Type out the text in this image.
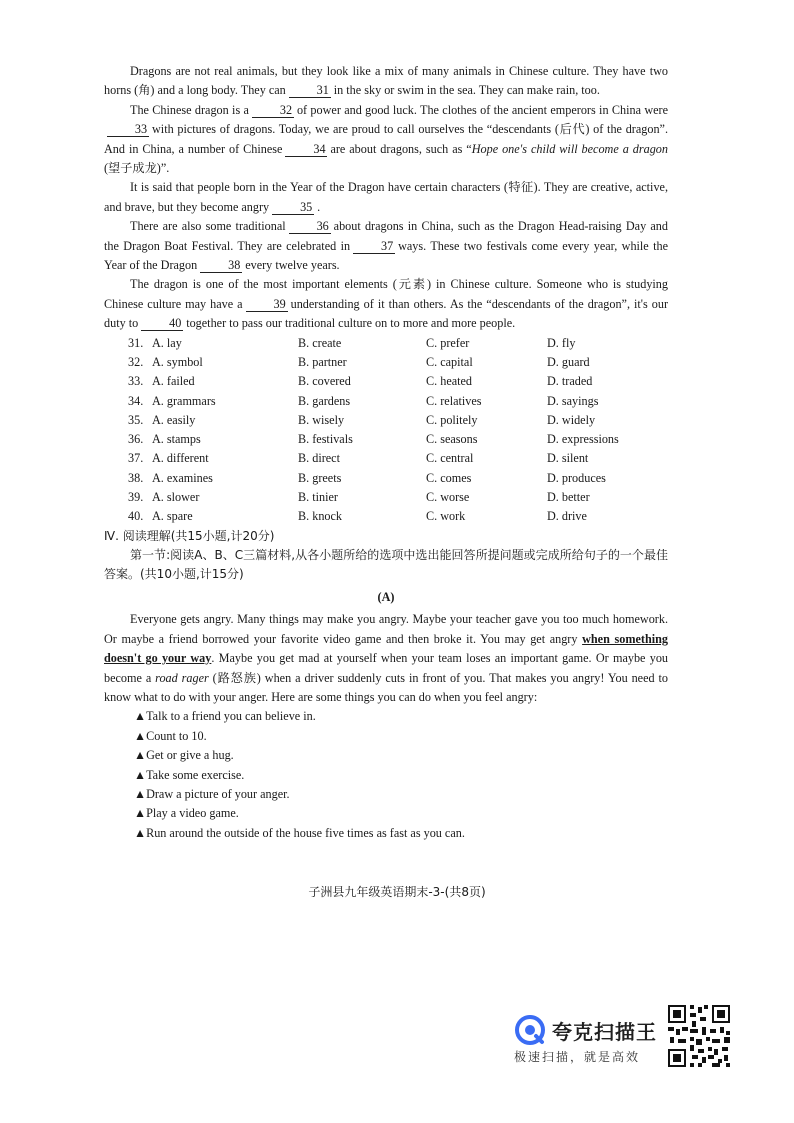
Dragons are not real animals, but they look like a mix of many animals in Chinese culture. They have two horns (角) and a long body. They can	31 in the sky or swim in the sea. They can make rain, too.

The Chinese dragon is a	32 of power and good luck. The clothes of the ancient emperors in China were33 with pictures of dragons. Today, we are proud to call ourselves the “descendants (后代) of the dragon”. And in China, a number of Chinese	34 are about dragons, such as “Hope one's child will become a dragon (望子成龙)”.

It is said that people born in the Year of the Dragon have certain characters (特征). They are creative, active, and brave, but they become angry	35 .

There are also some traditional	36 about dragons in China, such as the Dragon Head-raising Day and the Dragon Boat Festival. They are celebrated in	37 ways. These two festivals come every year, while the Year of the Dragon	38 every twelve years.

The dragon is one of the most important elements (元素) in Chinese culture. Someone who is studying Chinese culture may have a	39 understanding of it than others. As the “descendants of the dragon”, it's our duty to	40 together to pass our traditional culture on to more and more people.

31. A. lay	B. create	C. prefer	D. fly
32. A. symbol	B. partner	C. capital	D. guard
33. A. failed	B. covered	C. heated	D. traded
34. A. grammars	B. gardens	C. relatives	D. sayings
35. A. easily	B. wisely	C. politely	D. widely
36. A. stamps	B. festivals	C. seasons	D. expressions
37. A. different	B. direct	C. central	D. silent
38. A. examines	B. greets	C. comes	D. produces
39. A. slower	B. tinier	C. worse	D. better
40. A. spare	B. knock	C. work	D. drive

Ⅳ. 阅读理解(共15小题,计20分)

第一节:阅读A、B、C三篇材料,从各小题所给的选项中选出能回答所提问题或完成所给句子的一个最佳答案。(共10小题,计15分)

(A)

Everyone gets angry. Many things may make you angry. Maybe your teacher gave you too much homework. Or maybe a friend borrowed your favorite video game and then broke it. You may get angry when something doesn't go your way. Maybe you get mad at yourself when your team loses an important game. Or maybe you become a road rager (路怒族) when a driver suddenly cuts in front of you. That makes you angry! You need to know what to do with your anger. Here are some things you can do when you feel angry:

▲Talk to a friend you can believe in.

▲Count to 10.

▲Get or give a hug.

▲Take some exercise.

▲Draw a picture of your anger.

▲Play a video game.

▲Run around the outside of the house five times as fast as you can.

子洲县九年级英语期末-3-(共8页)
夸克扫描王
极速扫描，就是高效
